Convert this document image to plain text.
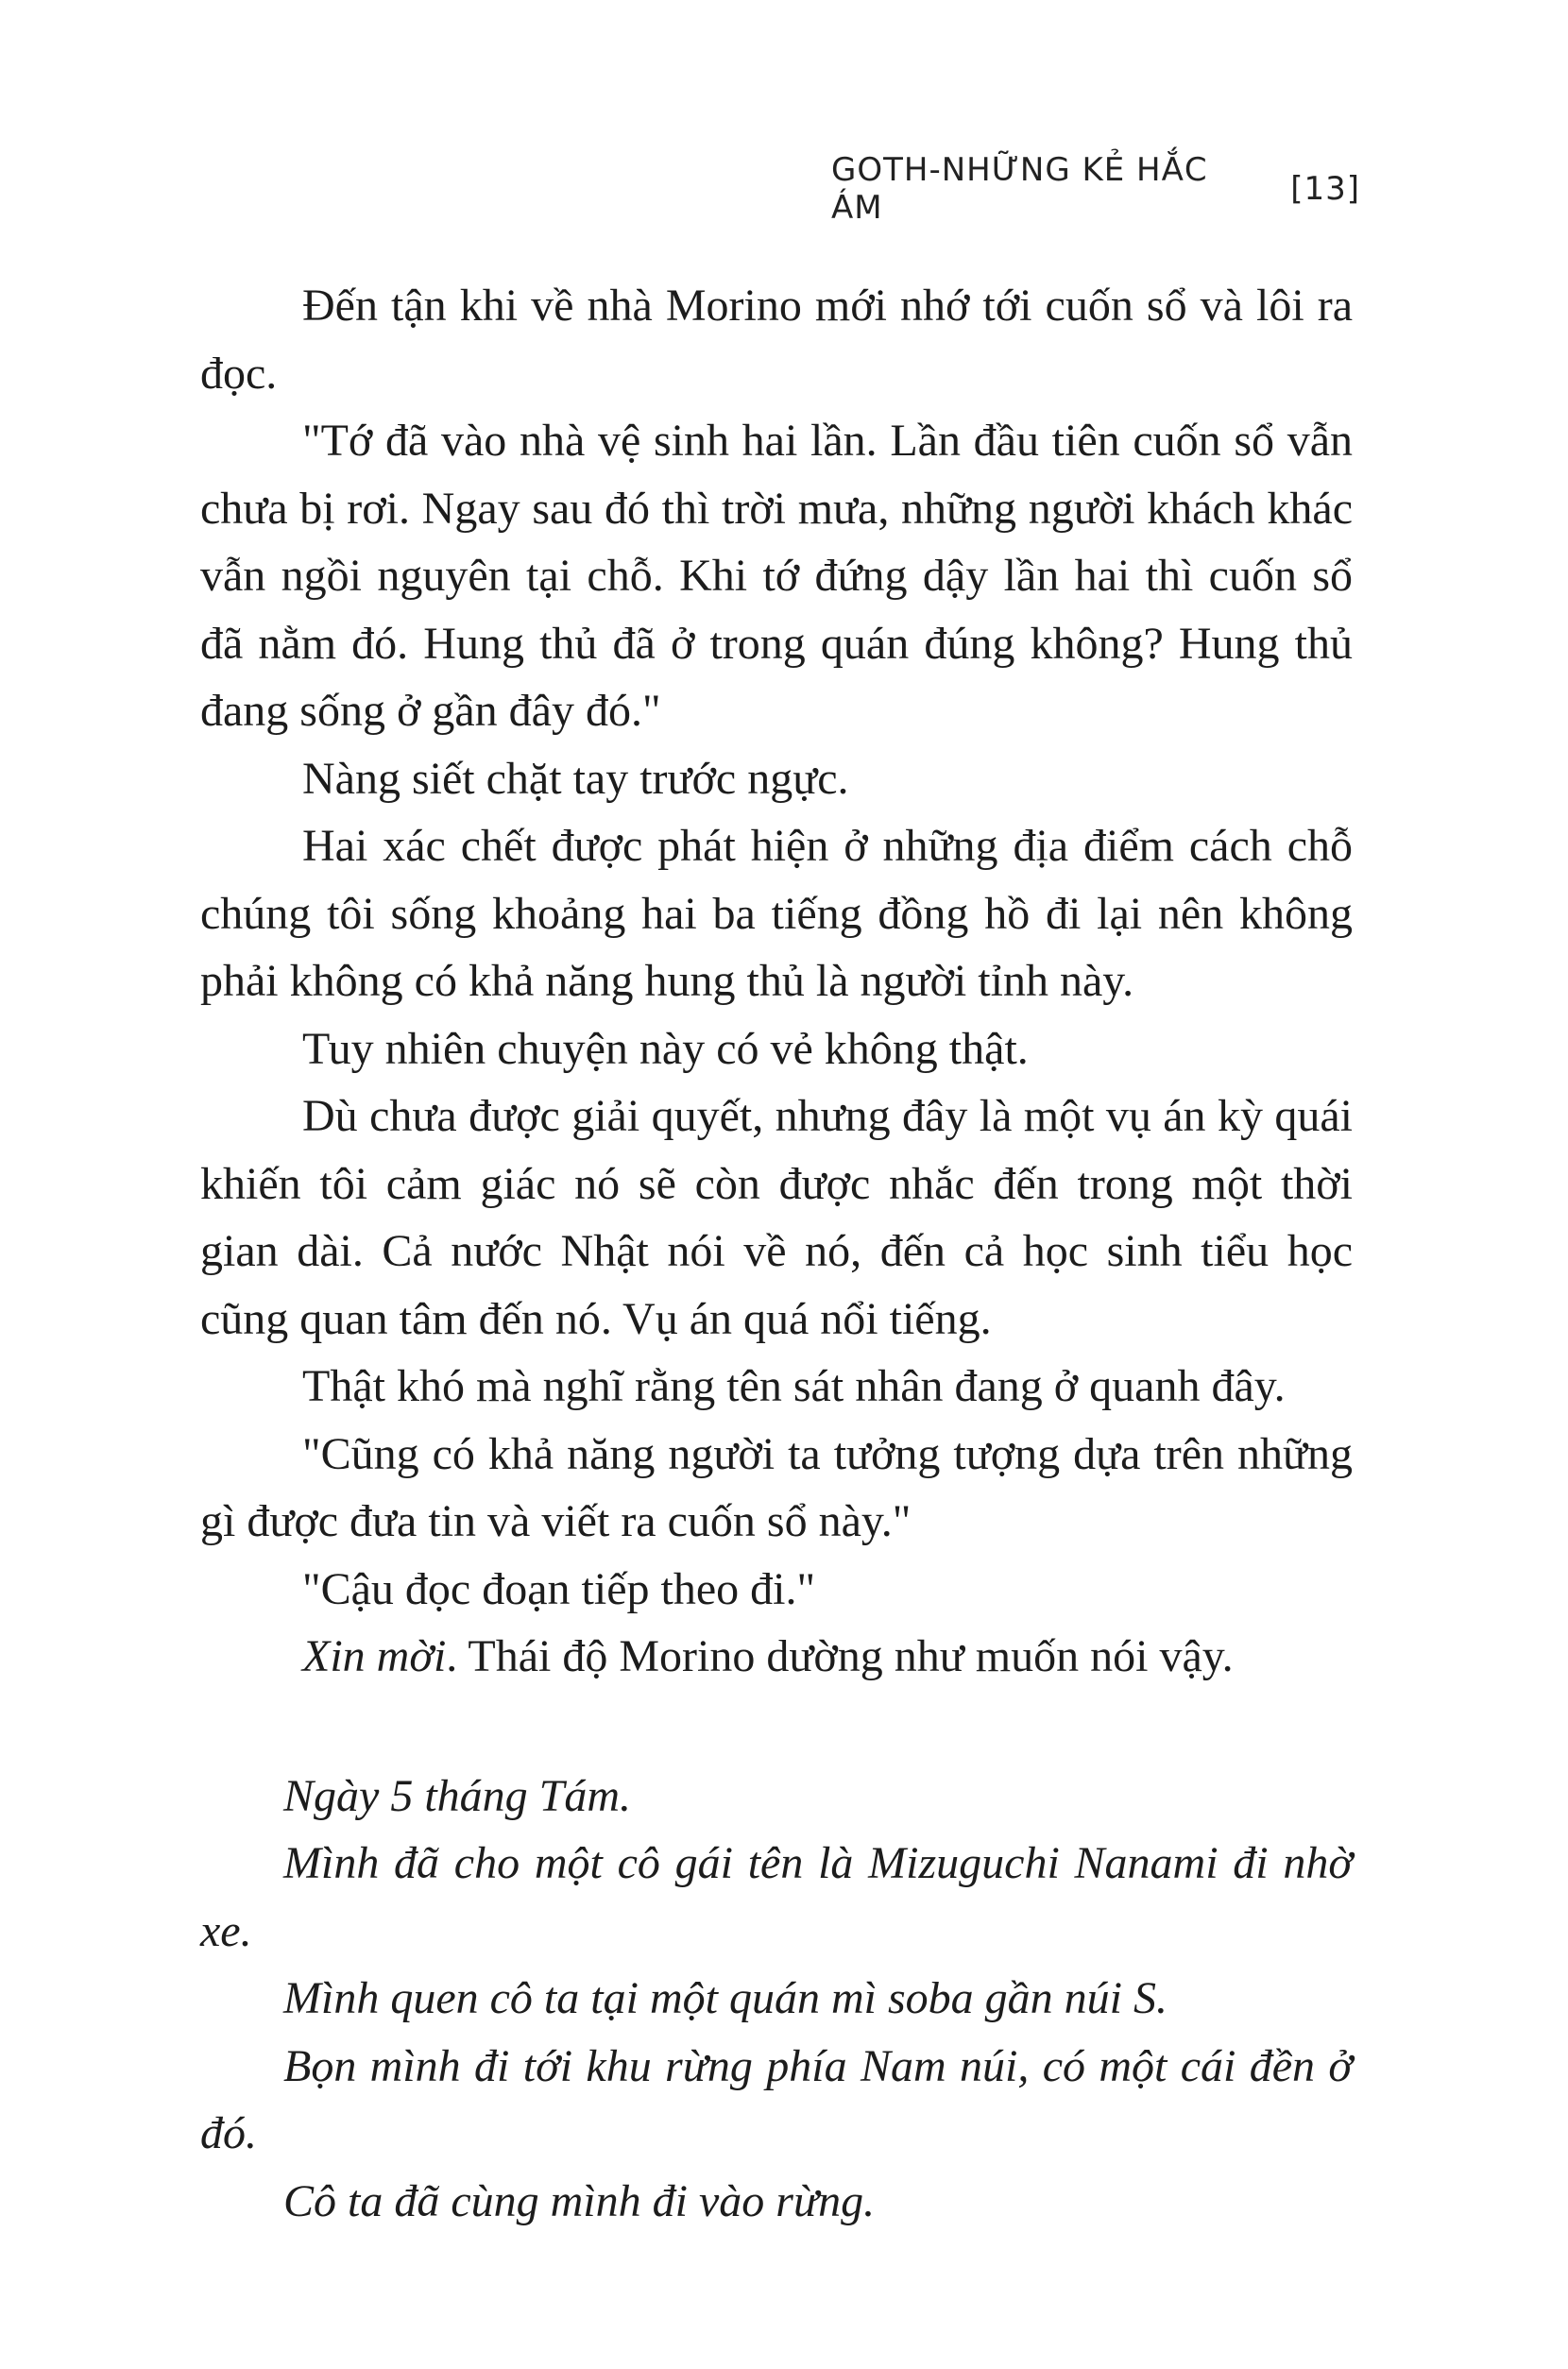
GOTH-NHỮNG KẺ HẮC ÁM	[13]

Đến tận khi về nhà Morino mới nhớ tới cuốn sổ và lôi ra đọc.

"Tớ đã vào nhà vệ sinh hai lần. Lần đầu tiên cuốn sổ vẫn chưa bị rơi. Ngay sau đó thì trời mưa, những người khách khác vẫn ngồi nguyên tại chỗ. Khi tớ đứng dậy lần hai thì cuốn sổ đã nằm đó. Hung thủ đã ở trong quán đúng không? Hung thủ đang sống ở gần đây đó."

Nàng siết chặt tay trước ngực.

Hai xác chết được phát hiện ở những địa điểm cách chỗ chúng tôi sống khoảng hai ba tiếng đồng hồ đi lại nên không phải không có khả năng hung thủ là người tỉnh này.

Tuy nhiên chuyện này có vẻ không thật.

Dù chưa được giải quyết, nhưng đây là một vụ án kỳ quái khiến tôi cảm giác nó sẽ còn được nhắc đến trong một thời gian dài. Cả nước Nhật nói về nó, đến cả học sinh tiểu học cũng quan tâm đến nó. Vụ án quá nổi tiếng.

Thật khó mà nghĩ rằng tên sát nhân đang ở quanh đây.

"Cũng có khả năng người ta tưởng tượng dựa trên những gì được đưa tin và viết ra cuốn sổ này."

"Cậu đọc đoạn tiếp theo đi."

Xin mời. Thái độ Morino dường như muốn nói vậy.

Ngày 5 tháng Tám.

Mình đã cho một cô gái tên là Mizuguchi Nanami đi nhờ xe.

Mình quen cô ta tại một quán mì soba gần núi S.

Bọn mình đi tới khu rừng phía Nam núi, có một cái đền ở đó.

Cô ta đã cùng mình đi vào rừng.
